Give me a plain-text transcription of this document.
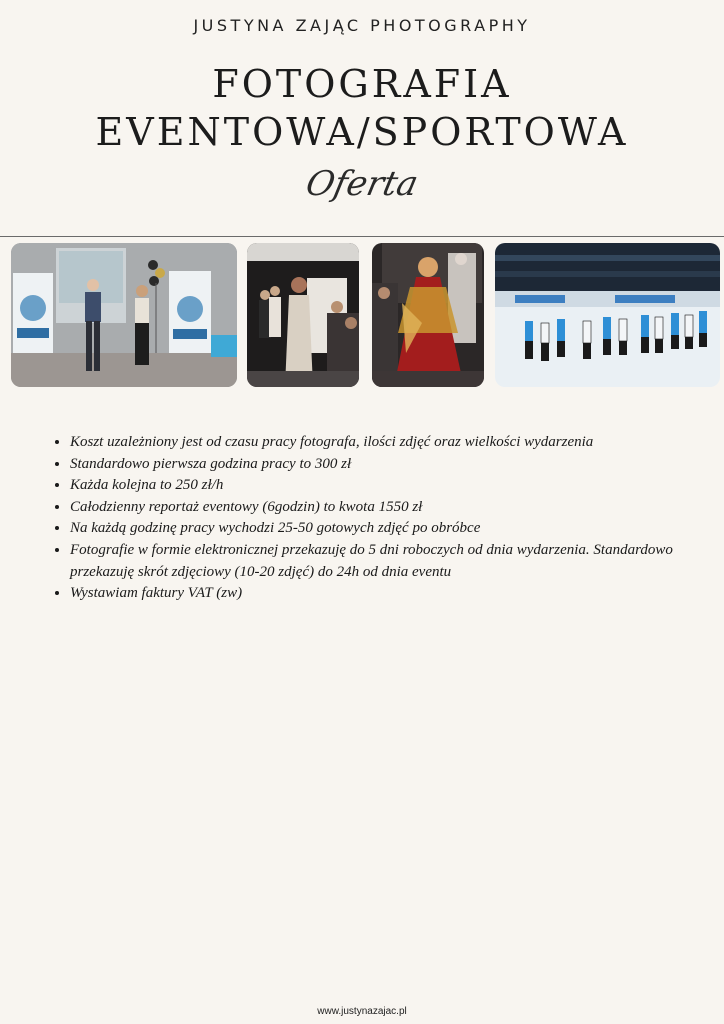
JUSTYNA ZAJĄC PHOTOGRAPHY
FOTOGRAFIA
EVENTOWA/SPORTOWA
Oferta
• Koszt uzależniony jest od czasu pracy fotografa, ilości zdjęć oraz wielkości wydarzenia
• Standardowo pierwsza godzina pracy to 300 zł
• Każda kolejna to 250 zł/h
• Całodzienny reportaż eventowy (6godzin) to kwota 1550 zł
• Na każdą godzinę pracy wychodzi 25-50 gotowych zdjęć po obróbce
• Fotografie w formie elektronicznej przekazuję do 5 dni roboczych od dnia wydarzenia. Standardowo przekazuję skrót zdjęciowy (10-20 zdjęć) do 24h od dnia eventu
• Wystawiam faktury VAT (zw)
www.justynazajac.pl
